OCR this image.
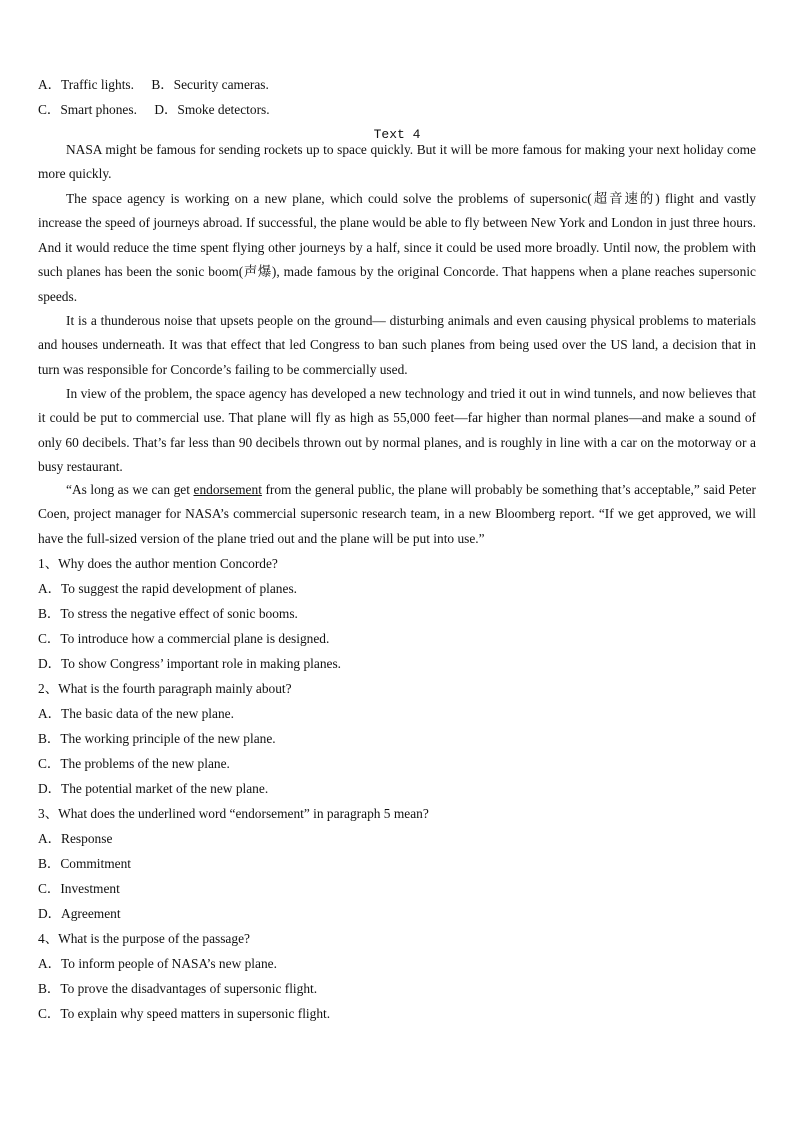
A．Traffic lights. B．Security cameras.
C．Smart phones. D．Smoke detectors.
Text 4
NASA might be famous for sending rockets up to space quickly. But it will be more famous for making your next holiday come more quickly.
The space agency is working on a new plane, which could solve the problems of supersonic(超音速的) flight and vastly increase the speed of journeys abroad. If successful, the plane would be able to fly between New York and London in just three hours. And it would reduce the time spent flying other journeys by a half, since it could be used more broadly. Until now, the problem with such planes has been the sonic boom(声爆), made famous by the original Concorde. That happens when a plane reaches supersonic speeds.
It is a thunderous noise that upsets people on the ground— disturbing animals and even causing physical problems to materials and houses underneath. It was that effect that led Congress to ban such planes from being used over the US land, a decision that in turn was responsible for Concorde’s failing to be commercially used.
In view of the problem, the space agency has developed a new technology and tried it out in wind tunnels, and now believes that it could be put to commercial use. That plane will fly as high as 55,000 feet—far higher than normal planes—and make a sound of only 60 decibels. That’s far less than 90 decibels thrown out by normal planes, and is roughly in line with a car on the motorway or a busy restaurant.
“As long as we can get endorsement from the general public, the plane will probably be something that’s acceptable,” said Peter Coen, project manager for NASA’s commercial supersonic research team, in a new Bloomberg report. “If we get approved, we will have the full-sized version of the plane tried out and the plane will be put into use.”
1、Why does the author mention Concorde?
A．To suggest the rapid development of planes.
B．To stress the negative effect of sonic booms.
C．To introduce how a commercial plane is designed.
D．To show Congress’ important role in making planes.
2、What is the fourth paragraph mainly about?
A．The basic data of the new plane.
B．The working principle of the new plane.
C．The problems of the new plane.
D．The potential market of the new plane.
3、What does the underlined word “endorsement” in paragraph 5 mean?
A．Response
B．Commitment
C．Investment
D．Agreement
4、What is the purpose of the passage?
A．To inform people of NASA’s new plane.
B．To prove the disadvantages of supersonic flight.
C．To explain why speed matters in supersonic flight.
